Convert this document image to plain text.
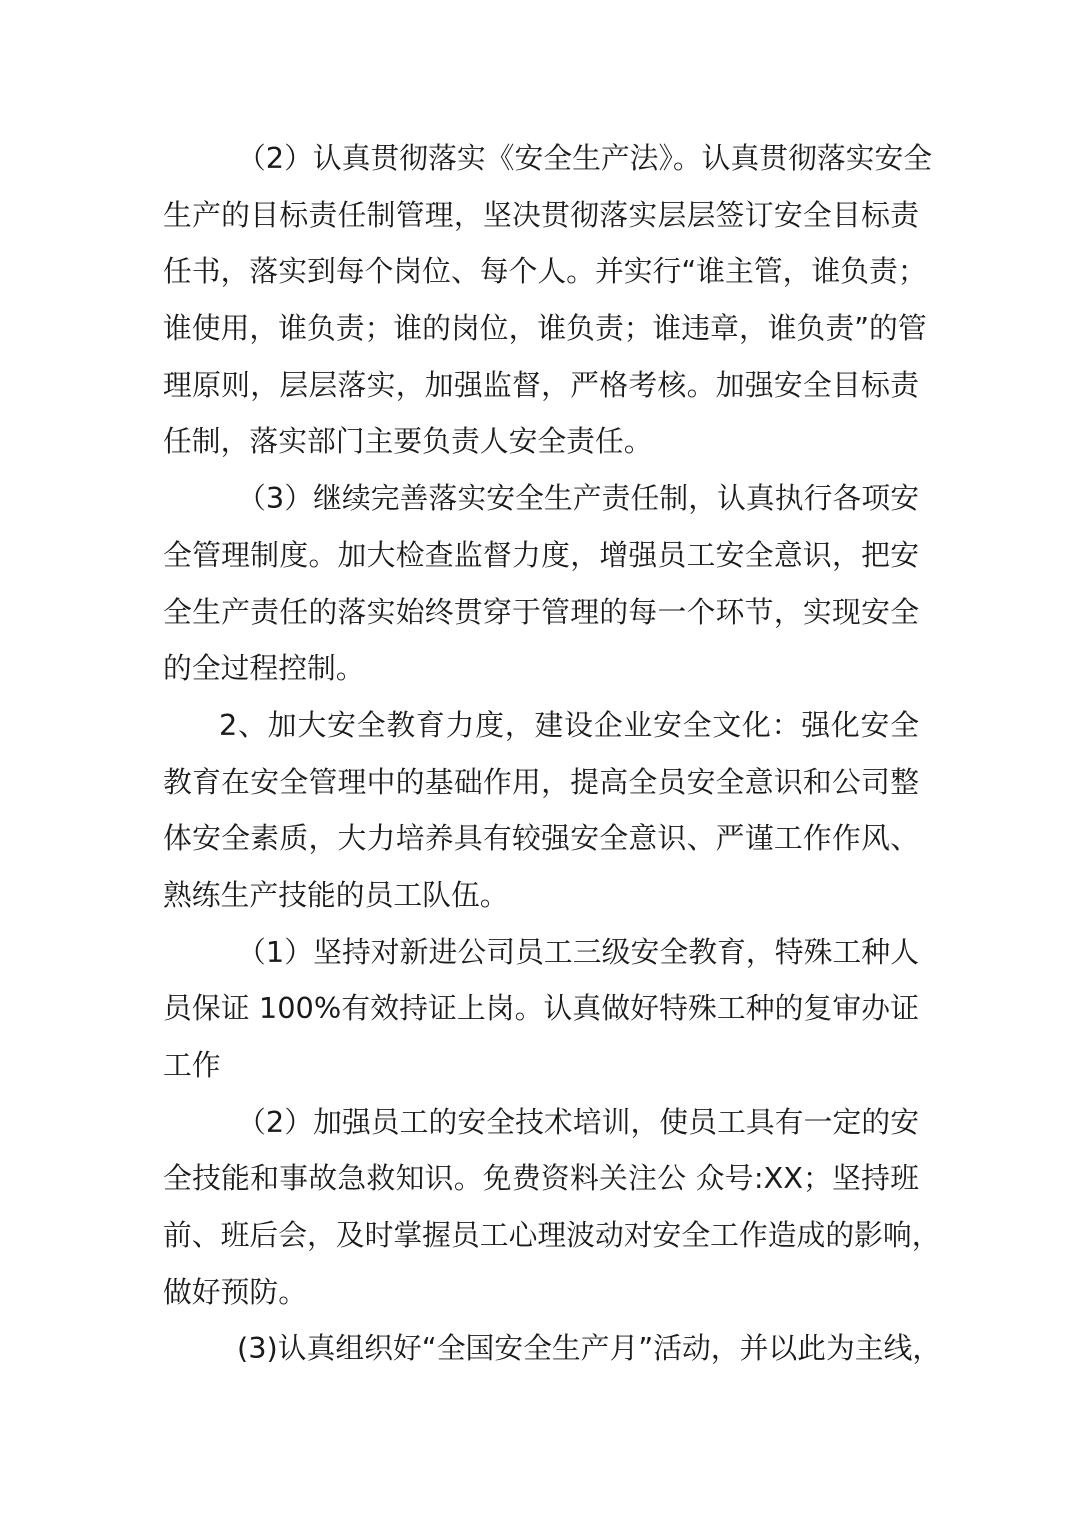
（2）认真贯彻落实《安全生产法》。认真贯彻落实安全
生产的目标责任制管理，坚决贯彻落实层层签订安全目标责
任书，落实到每个岗位、每个人。并实行“谁主管，谁负责；
谁使用，谁负责；谁的岗位，谁负责；谁违章，谁负责”的管
理原则，层层落实，加强监督，严格考核。加强安全目标责
任制，落实部门主要负责人安全责任。
（3）继续完善落实安全生产责任制，认真执行各项安
全管理制度。加大检查监督力度，增强员工安全意识，把安
全生产责任的落实始终贯穿于管理的每一个环节，实现安全
的全过程控制。
2、加大安全教育力度，建设企业安全文化：强化安全
教育在安全管理中的基础作用，提高全员安全意识和公司整
体安全素质，大力培养具有较强安全意识、严谨工作作风、
熟练生产技能的员工队伍。
（1）坚持对新进公司员工三级安全教育，特殊工种人
员保证 100%有效持证上岗。认真做好特殊工种的复审办证
工作
（2）加强员工的安全技术培训，使员工具有一定的安
全技能和事故急救知识。免费资料关注公 众号:XX；坚持班
前、班后会，及时掌握员工心理波动对安全工作造成的影响，
做好预防。
(3)认真组织好“全国安全生产月”活动，并以此为主线，
